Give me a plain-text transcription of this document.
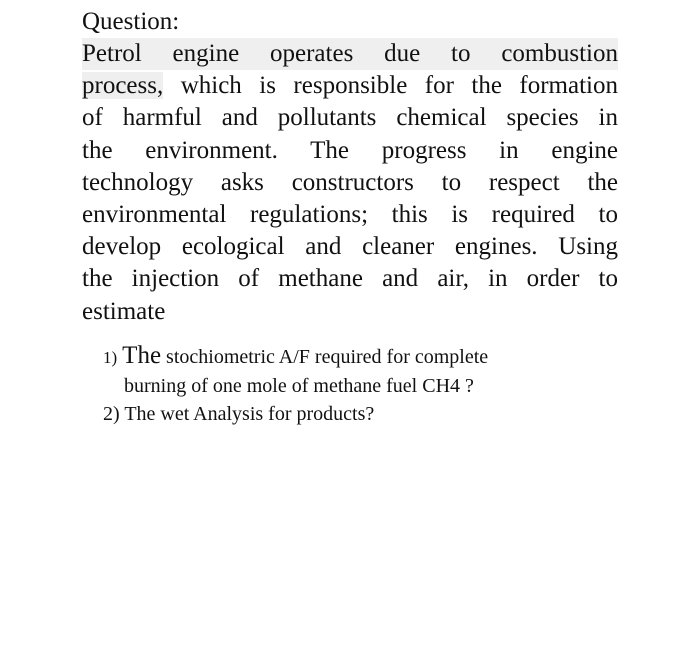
Question:
Petrol engine operates due to combustion
process, which is responsible for the formation
of harmful and pollutants chemical species in
the environment. The progress in engine
technology asks constructors to respect the
environmental regulations; this is required to
develop ecological and cleaner engines. Using
the injection of methane and air, in order to
estimate
1) The stochiometric A/F required for complete
burning of one mole of methane fuel CH4 ?
2) The wet Analysis for products?
